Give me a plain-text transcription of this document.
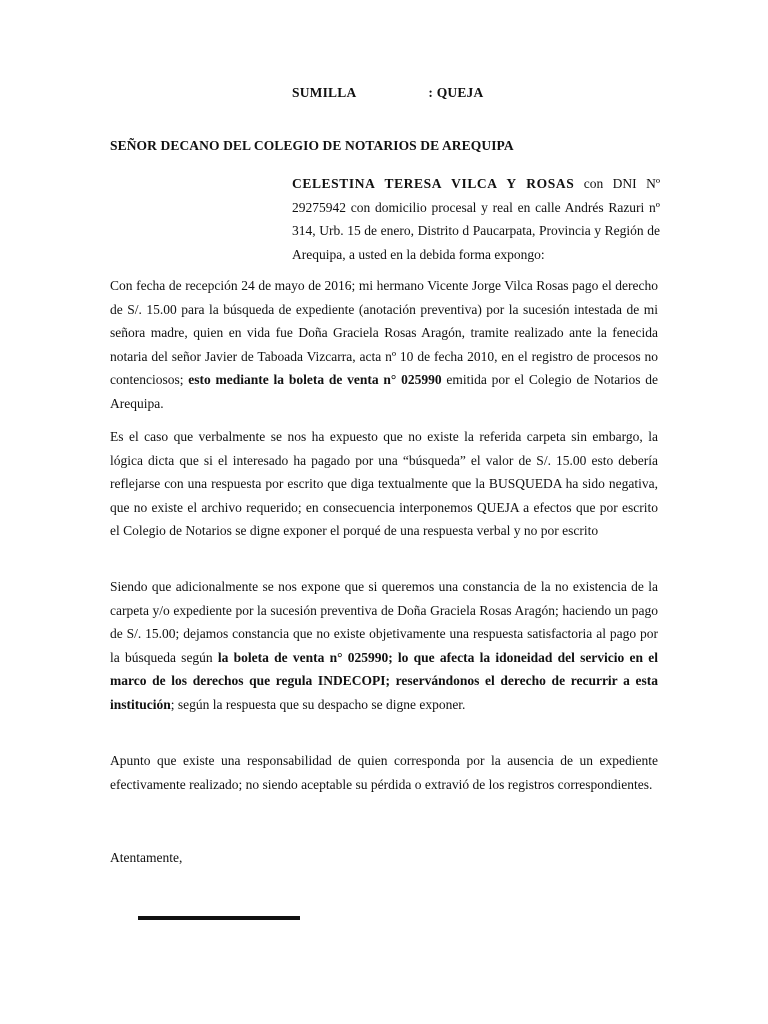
SUMILLA	: QUEJA
SEÑOR DECANO DEL COLEGIO DE NOTARIOS DE AREQUIPA
CELESTINA TERESA VILCA Y ROSAS con DNI Nº 29275942 con domicilio procesal y real en calle Andrés Razuri nº 314, Urb. 15 de enero, Distrito d Paucarpata, Provincia y Región de Arequipa, a usted en la debida forma expongo:
Con fecha de recepción 24 de mayo de 2016; mi hermano Vicente Jorge Vilca Rosas pago el derecho de S/. 15.00 para la búsqueda de expediente (anotación preventiva) por la sucesión intestada de mi señora madre, quien en vida fue Doña Graciela Rosas Aragón, tramite realizado ante la fenecida notaria del señor Javier de Taboada Vizcarra, acta nº 10 de fecha 2010, en el registro de procesos no contenciosos; esto mediante la boleta de venta n° 025990 emitida por el Colegio de Notarios de Arequipa.
Es el caso que verbalmente se nos ha expuesto que no existe la referida carpeta sin embargo, la lógica dicta que si el interesado ha pagado por una “búsqueda” el valor de S/. 15.00 esto debería reflejarse con una respuesta por escrito que diga textualmente que la BUSQUEDA ha sido negativa, que no existe el archivo requerido; en consecuencia interponemos QUEJA a efectos que por escrito el Colegio de Notarios se digne exponer el porqué de una respuesta verbal y no por escrito
Siendo que adicionalmente se nos expone que si queremos una constancia de la no existencia de la carpeta y/o expediente por la sucesión preventiva de Doña Graciela Rosas Aragón; haciendo un pago de S/. 15.00; dejamos constancia que no existe objetivamente una respuesta satisfactoria al pago por la búsqueda según la boleta de venta n° 025990; lo que afecta la idoneidad del servicio en el marco de los derechos que regula INDECOPI; reservándonos el derecho de recurrir a esta institución; según la respuesta que su despacho se digne exponer.
Apunto que existe una responsabilidad de quien corresponda por la ausencia de un expediente efectivamente realizado; no siendo aceptable su pérdida o extravió de los registros correspondientes.
Atentamente,
